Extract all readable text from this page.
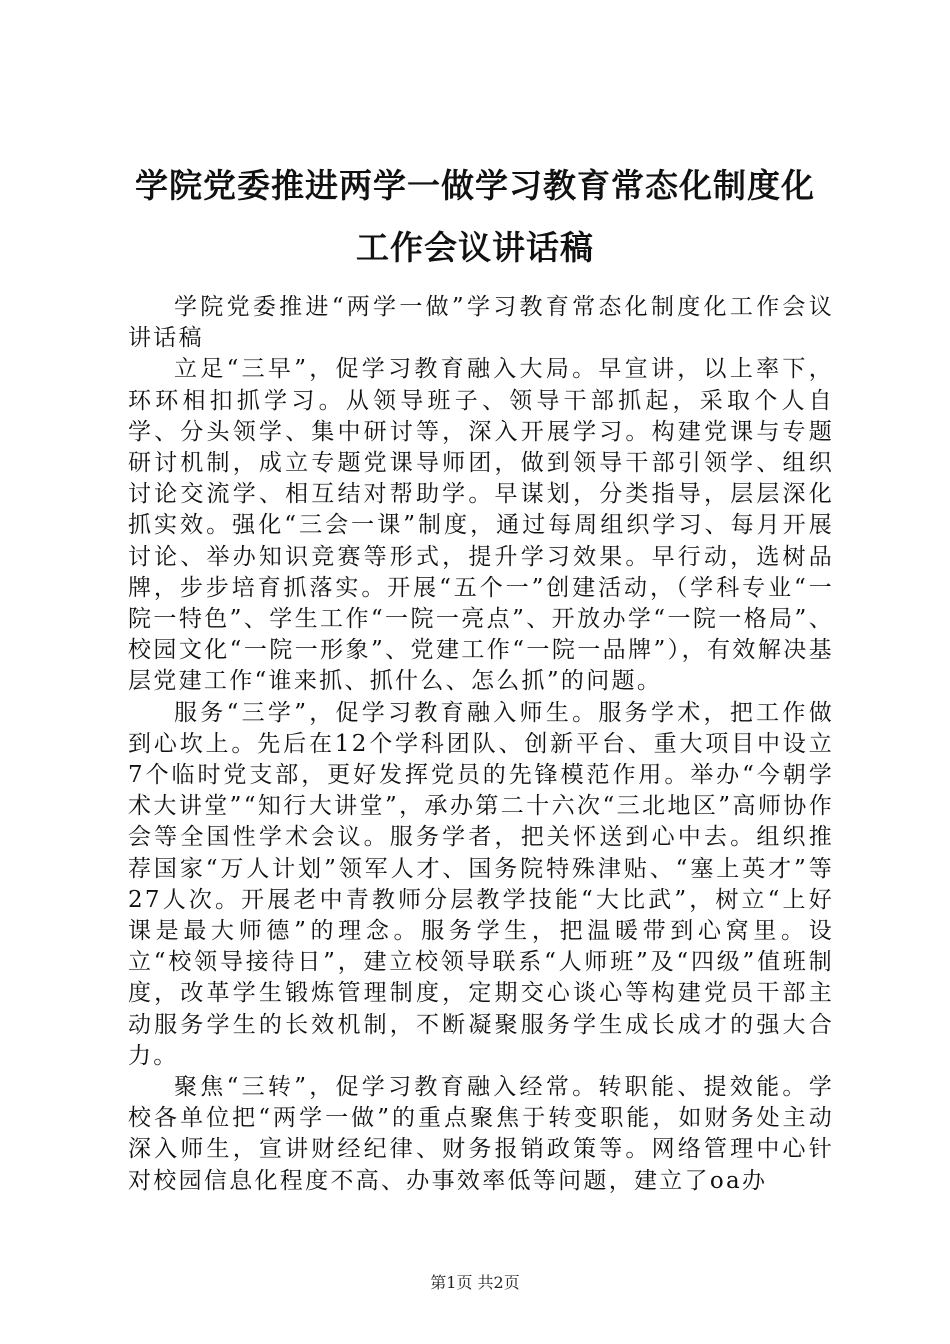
学院党委推进两学一做学习教育常态化制度化
工作会议讲话稿

学院党委推进“两学一做”学习教育常态化制度化工作会议讲话稿

立足“三早”，促学习教育融入大局。早宣讲，以上率下，环环相扣抓学习。从领导班子、领导干部抓起，采取个人自学、分头领学、集中研讨等，深入开展学习。构建党课与专题研讨机制，成立专题党课导师团，做到领导干部引领学、组织讨论交流学、相互结对帮助学。早谋划，分类指导，层层深化抓实效。强化“三会一课”制度，通过每周组织学习、每月开展讨论、举办知识竞赛等形式，提升学习效果。早行动，选树品牌，步步培育抓落实。开展“五个一”创建活动，（学科专业“一院一特色”、学生工作“一院一亮点”、开放办学“一院一格局”、校园文化“一院一形象”、党建工作“一院一品牌”），有效解决基层党建工作“谁来抓、抓什么、怎么抓”的问题。

服务“三学”，促学习教育融入师生。服务学术，把工作做到心坎上。先后在12个学科团队、创新平台、重大项目中设立7个临时党支部，更好发挥党员的先锋模范作用。举办“今朝学术大讲堂”“知行大讲堂”，承办第二十六次“三北地区”高师协作会等全国性学术会议。服务学者，把关怀送到心中去。组织推荐国家“万人计划”领军人才、国务院特殊津贴、“塞上英才”等27人次。开展老中青教师分层教学技能“大比武”，树立“上好课是最大师德”的理念。服务学生，把温暖带到心窝里。设立“校领导接待日”，建立校领导联系“人师班”及“四级”值班制度，改革学生锻炼管理制度，定期交心谈心等构建党员干部主动服务学生的长效机制，不断凝聚服务学生成长成才的强大合力。

聚焦“三转”，促学习教育融入经常。转职能、提效能。学校各单位把“两学一做”的重点聚焦于转变职能，如财务处主动深入师生，宣讲财经纪律、财务报销政策等。网络管理中心针对校园信息化程度不高、办事效率低等问题，建立了oa办

第1页 共2页
